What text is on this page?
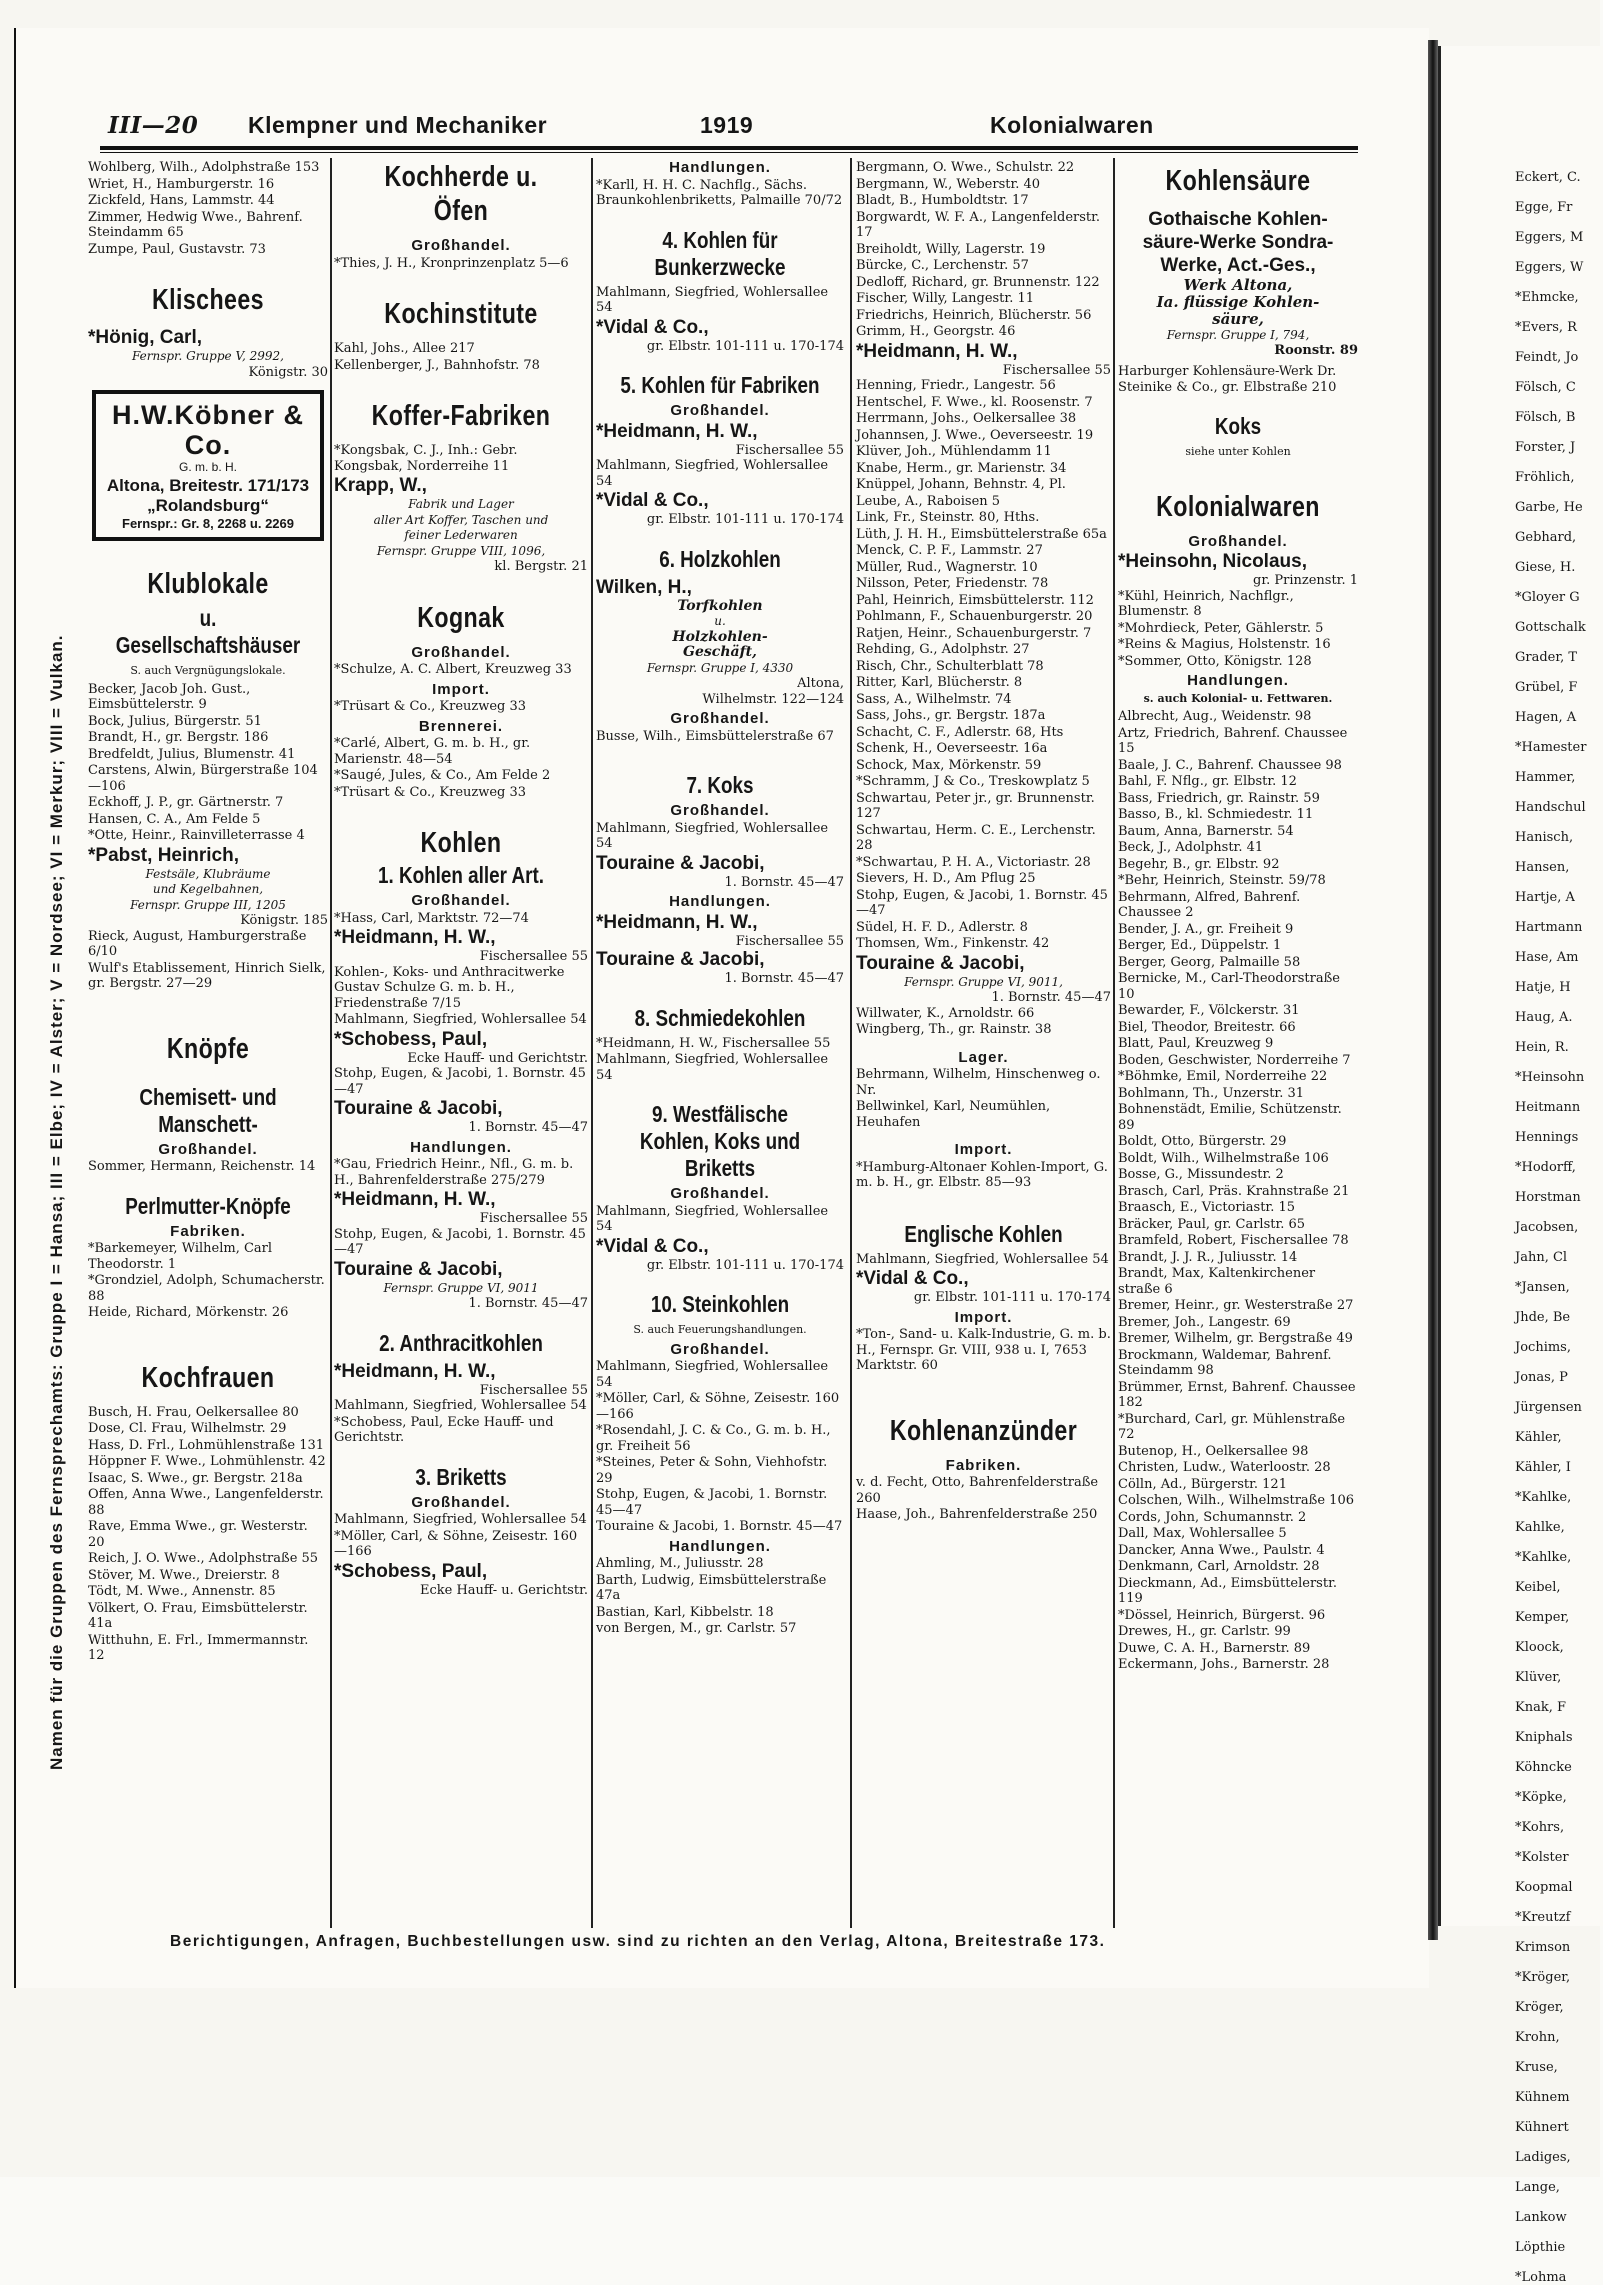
III—20 Klempner und Mechaniker	1919	Kolonialwaren
Namen für die Gruppen des Fernsprechamts: Gruppe I = Hansa; III = Elbe; IV = Alster; V = Nordsee; VI = Merkur; VIII = Vulkan.
Wohlberg, Wilh., Adolphstraße 153
Wriet, H., Hamburgerstr. 16
Zickfeld, Hans, Lammstr. 44
Zimmer, Hedwig Wwe., Bahrenf. Steindamm 65
Zumpe, Paul, Gustavstr. 73
Klischees
*Hönig, Carl,
Fernspr. Gruppe V, 2992,
Königstr. 30
H.W.Köbner & Co.
G. m. b. H.
Altona, Breitestr. 171/173
„Rolandsburg“
Fernspr.: Gr. 8, 2268 u. 2269
Klublokale
u. Gesellschaftshäuser
S. auch Vergnügungslokale.
Becker, Jacob Joh. Gust., Eimsbüttelerstr. 9
Bock, Julius, Bürgerstr. 51
Brandt, H., gr. Bergstr. 186
Bredfeldt, Julius, Blumenstr. 41
Carstens, Alwin, Bürgerstraße 104—106
Eckhoff, J. P., gr. Gärtnerstr. 7
Hansen, C. A., Am Felde 5
*Otte, Heinr., Rainvilleterrasse 4
*Pabst, Heinrich,
Festsäle, Klubräume
und Kegelbahnen,
Fernspr. Gruppe III, 1205
Königstr. 185
Rieck, August, Hamburgerstraße 6/10
Wulf's Etablissement, Hinrich Sielk, gr. Bergstr. 27—29
Knöpfe
Chemisett- und Manschett-
Großhandel.
Sommer, Hermann, Reichenstr. 14
Perlmutter-Knöpfe
Fabriken.
*Barkemeyer, Wilhelm, Carl Theodorstr. 1
*Grondziel, Adolph, Schumacherstr. 88
Heide, Richard, Mörkenstr. 26
Kochfrauen
Busch, H. Frau, Oelkersallee 80
Dose, Cl. Frau, Wilhelmstr. 29
Hass, D. Frl., Lohmühlenstraße 131
Höppner F. Wwe., Lohmühlenstr. 42
Isaac, S. Wwe., gr. Bergstr. 218a
Offen, Anna Wwe., Langenfelderstr. 88
Rave, Emma Wwe., gr. Westerstr. 20
Reich, J. O. Wwe., Adolphstraße 55
Stöver, M. Wwe., Dreierstr. 8
Tödt, M. Wwe., Annenstr. 85
Völkert, O. Frau, Eimsbüttelerstr. 41a
Witthuhn, E. Frl., Immermannstr. 12
Kochherde u. Öfen
Großhandel.
*Thies, J. H., Kronprinzenplatz 5—6
Kochinstitute
Kahl, Johs., Allee 217
Kellenberger, J., Bahnhofstr. 78
Koffer-Fabriken
*Kongsbak, C. J., Inh.: Gebr. Kongsbak, Norderreihe 11
Krapp, W.,
Fabrik und Lager
aller Art Koffer, Taschen und
feiner Lederwaren
Fernspr. Gruppe VIII, 1096,
kl. Bergstr. 21
Kognak
Großhandel.
*Schulze, A. C. Albert, Kreuzweg 33
Import.
*Trüsart & Co., Kreuzweg 33
Brennerei.
*Carlé, Albert, G. m. b. H., gr. Marienstr. 48—54
*Saugé, Jules, & Co., Am Felde 2
*Trüsart & Co., Kreuzweg 33
Kohlen
1. Kohlen aller Art.
Großhandel.
*Hass, Carl, Marktstr. 72—74
*Heidmann, H. W.,
Fischersallee 55
Kohlen-, Koks- und Anthracitwerke Gustav Schulze G. m. b. H., Friedenstraße 7/15
Mahlmann, Siegfried, Wohlersallee 54
*Schobess, Paul,
Ecke Hauff- und Gerichtstr.
Stohp, Eugen, & Jacobi, 1. Bornstr. 45—47
Touraine & Jacobi,
1. Bornstr. 45—47
Handlungen.
*Gau, Friedrich Heinr., Nfl., G. m. b. H., Bahrenfelderstraße 275/279
*Heidmann, H. W.,
Fischersallee 55
Stohp, Eugen, & Jacobi, 1. Bornstr. 45—47
Touraine & Jacobi,
Fernspr. Gruppe VI, 9011
1. Bornstr. 45—47
2. Anthracitkohlen
*Heidmann, H. W.,
Fischersallee 55
Mahlmann, Siegfried, Wohlersallee 54
*Schobess, Paul, Ecke Hauff- und Gerichtstr.
3. Briketts
Großhandel.
Mahlmann, Siegfried, Wohlersallee 54
*Möller, Carl, & Söhne, Zeisestr. 160—166
*Schobess, Paul,
Ecke Hauff- u. Gerichtstr.
Handlungen.
*Karll, H. H. C. Nachflg., Sächs. Braunkohlenbriketts, Palmaille 70/72
4. Kohlen für Bunkerzwecke
Mahlmann, Siegfried, Wohlersallee 54
*Vidal & Co.,
gr. Elbstr. 101-111 u. 170-174
5. Kohlen für Fabriken
Großhandel.
*Heidmann, H. W.,
Fischersallee 55
Mahlmann, Siegfried, Wohlersallee 54
*Vidal & Co.,
gr. Elbstr. 101-111 u. 170-174
6. Holzkohlen
Wilken, H.,
Torfkohlen
u.
Holzkohlen-
Geschäft,
Fernspr. Gruppe I, 4330
Altona,
Wilhelmstr. 122—124
Großhandel.
Busse, Wilh., Eimsbüttelerstraße 67
7. Koks
Großhandel.
Mahlmann, Siegfried, Wohlersallee 54
Touraine & Jacobi,
1. Bornstr. 45—47
Handlungen.
*Heidmann, H. W.,
Fischersallee 55
Touraine & Jacobi,
1. Bornstr. 45—47
8. Schmiedekohlen
*Heidmann, H. W., Fischersallee 55
Mahlmann, Siegfried, Wohlersallee 54
9. Westfälische Kohlen, Koks und Briketts
Großhandel.
Mahlmann, Siegfried, Wohlersallee 54
*Vidal & Co.,
gr. Elbstr. 101-111 u. 170-174
10. Steinkohlen
S. auch Feuerungshandlungen.
Großhandel.
Mahlmann, Siegfried, Wohlersallee 54
*Möller, Carl, & Söhne, Zeisestr. 160—166
*Rosendahl, J. C. & Co., G. m. b. H., gr. Freiheit 56
*Steines, Peter & Sohn, Viehhofstr. 29
Stohp, Eugen, & Jacobi, 1. Bornstr. 45—47
Touraine & Jacobi, 1. Bornstr. 45—47
Handlungen.
Ahmling, M., Juliusstr. 28
Barth, Ludwig, Eimsbüttelerstraße 47a
Bastian, Karl, Kibbelstr. 18
von Bergen, M., gr. Carlstr. 57
Bergmann, O. Wwe., Schulstr. 22
Bergmann, W., Weberstr. 40
Bladt, B., Humboldtstr. 17
Borgwardt, W. F. A., Langenfelderstr. 17
Breiholdt, Willy, Lagerstr. 19
Bürcke, C., Lerchenstr. 57
Dedloff, Richard, gr. Brunnenstr. 122
Fischer, Willy, Langestr. 11
Friedrichs, Heinrich, Blücherstr. 56
Grimm, H., Georgstr. 46
*Heidmann, H. W.,
Fischersallee 55
Henning, Friedr., Langestr. 56
Hentschel, F. Wwe., kl. Roosenstr. 7
Herrmann, Johs., Oelkersallee 38
Johannsen, J. Wwe., Oeverseestr. 19
Klüver, Joh., Mühlendamm 11
Knabe, Herm., gr. Marienstr. 34
Knüppel, Johann, Behnstr. 4, Pl.
Leube, A., Raboisen 5
Link, Fr., Steinstr. 80, Hths.
Lüth, J. H. H., Eimsbüttelerstraße 65a
Menck, C. P. F., Lammstr. 27
Müller, Rud., Wagnerstr. 10
Nilsson, Peter, Friedenstr. 78
Pahl, Heinrich, Eimsbüttelerstr. 112
Pohlmann, F., Schauenburgerstr. 20
Ratjen, Heinr., Schauenburgerstr. 7
Rehding, G., Adolphstr. 27
Risch, Chr., Schulterblatt 78
Ritter, Karl, Blücherstr. 8
Sass, A., Wilhelmstr. 74
Sass, Johs., gr. Bergstr. 187a
Schacht, C. F., Adlerstr. 68, Hts
Schenk, H., Oeverseestr. 16a
Schock, Max, Mörkenstr. 59
*Schramm, J & Co., Treskowplatz 5
Schwartau, Peter jr., gr. Brunnenstr. 127
Schwartau, Herm. C. E., Lerchenstr. 28
*Schwartau, P. H. A., Victoriastr. 28
Sievers, H. D., Am Pflug 25
Stohp, Eugen, & Jacobi, 1. Bornstr. 45—47
Südel, H. F. D., Adlerstr. 8
Thomsen, Wm., Finkenstr. 42
Touraine & Jacobi,
Fernspr. Gruppe VI, 9011,
1. Bornstr. 45—47
Willwater, K., Arnoldstr. 66
Wingberg, Th., gr. Rainstr. 38
Lager.
Behrmann, Wilhelm, Hinschenweg o. Nr.
Bellwinkel, Karl, Neumühlen, Heuhafen
Import.
*Hamburg-Altonaer Kohlen-Import, G. m. b. H., gr. Elbstr. 85—93
Englische Kohlen
Mahlmann, Siegfried, Wohlersallee 54
*Vidal & Co.,
gr. Elbstr. 101-111 u. 170-174
Import.
*Ton-, Sand- u. Kalk-Industrie, G. m. b. H., Fernspr. Gr. VIII, 938 u. I, 7653 Marktstr. 60
Kohlenanzünder
Fabriken.
v. d. Fecht, Otto, Bahrenfelderstraße 260
Haase, Joh., Bahrenfelderstraße 250
Kohlensäure
Gothaische Kohlen-
säure-Werke Sondra-
Werke, Act.-Ges.,
Werk Altona,
Ia. flüssige Kohlen-
säure,
Fernspr. Gruppe I, 794,
Roonstr. 89
Harburger Kohlensäure-Werk Dr. Steinike & Co., gr. Elbstraße 210
Koks
siehe unter Kohlen
Kolonialwaren
Großhandel.
*Heinsohn, Nicolaus,
gr. Prinzenstr. 1
*Kühl, Heinrich, Nachflgr., Blumenstr. 8
*Mohrdieck, Peter, Gählerstr. 5
*Reins & Magius, Holstenstr. 16
*Sommer, Otto, Königstr. 128
Handlungen.
s. auch Kolonial- u. Fettwaren.
Albrecht, Aug., Weidenstr. 98
Artz, Friedrich, Bahrenf. Chaussee 15
Baale, J. C., Bahrenf. Chaussee 98
Bahl, F. Nflg., gr. Elbstr. 12
Bass, Friedrich, gr. Rainstr. 59
Basso, B., kl. Schmiedestr. 11
Baum, Anna, Barnerstr. 54
Beck, J., Adolphstr. 41
Begehr, B., gr. Elbstr. 92
*Behr, Heinrich, Steinstr. 59/78
Behrmann, Alfred, Bahrenf. Chaussee 2
Bender, J. A., gr. Freiheit 9
Berger, Ed., Düppelstr. 1
Berger, Georg, Palmaille 58
Bernicke, M., Carl-Theodorstraße 10
Bewarder, F., Völckerstr. 31
Biel, Theodor, Breitestr. 66
Blatt, Paul, Kreuzweg 9
Boden, Geschwister, Norderreihe 7
*Böhmke, Emil, Norderreihe 22
Bohlmann, Th., Unzerstr. 31
Bohnenstädt, Emilie, Schützenstr. 89
Boldt, Otto, Bürgerstr. 29
Boldt, Wilh., Wilhelmstraße 106
Bosse, G., Missundestr. 2
Brasch, Carl, Präs. Krahnstraße 21
Braasch, E., Victoriastr. 15
Bräcker, Paul, gr. Carlstr. 65
Bramfeld, Robert, Fischersallee 78
Brandt, J. J. R., Juliusstr. 14
Brandt, Max, Kaltenkirchener straße 6
Bremer, Heinr., gr. Westerstraße 27
Bremer, Joh., Langestr. 69
Bremer, Wilhelm, gr. Bergstraße 49
Brockmann, Waldemar, Bahrenf. Steindamm 98
Brümmer, Ernst, Bahrenf. Chaussee 182
*Burchard, Carl, gr. Mühlenstraße 72
Butenop, H., Oelkersallee 98
Christen, Ludw., Waterloostr. 28
Cölln, Ad., Bürgerstr. 121
Colschen, Wilh., Wilhelmstraße 106
Cords, John, Schumannstr. 2
Dall, Max, Wohlersallee 5
Dancker, Anna Wwe., Paulstr. 4
Denkmann, Carl, Arnoldstr. 28
Dieckmann, Ad., Eimsbüttelerstr. 119
*Dössel, Heinrich, Bürgerst. 96
Drewes, H., gr. Carlstr. 99
Duwe, C. A. H., Barnerstr. 89
Eckermann, Johs., Barnerstr. 28
Eckert, C.
Egge, Fr
Eggers, M
Eggers, W
*Ehmcke,
*Evers, R
Feindt, Jo
Fölsch, C
Fölsch, B
Forster, J
Fröhlich,
Garbe, He
Gebhard,
Giese, H.
*Gloyer G
Gottschalk
Grader, T
Grübel, F
Hagen, A
*Hamester
Hammer,
Handschul
Hanisch,
Hansen,
Hartje, A
Hartmann
Hase, Am
Hatje, H
Haug, A.
Hein, R.
*Heinsohn
Heitmann
Hennings
*Hodorff,
Horstman
Jacobsen,
Jahn, Cl
*Jansen,
Jhde, Be
Jochims,
Jonas, P
Jürgensen
Kähler,
Kähler, I
*Kahlke,
Kahlke,
*Kahlke,
Keibel,
Kemper,
Kloock,
Klüver,
Knak, F
Kniphals
Köhncke
*Köpke,
*Kohrs,
*Kolster
Koopmal
*Kreutzf
Krimson
*Kröger,
Kröger,
Krohn,
Kruse,
Kühnem
Kühnert
Ladiges,
Lange,
Lankow
Löpthie
*Lohma
Berichtigungen, Anfragen, Buchbestellungen usw. sind zu richten an den Verlag, Altona, Breitestraße 173.
